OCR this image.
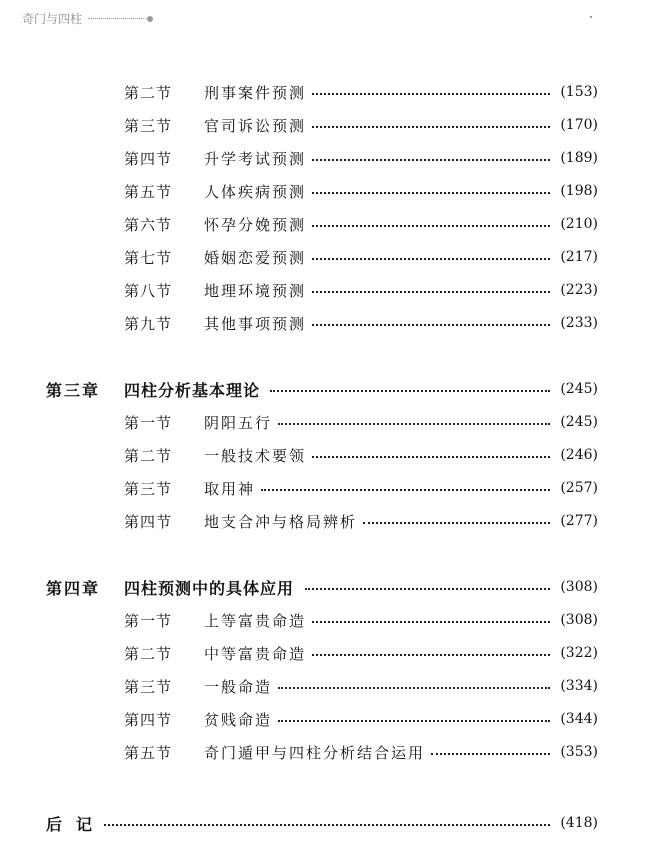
奇门与四柱
第二节 刑事案件预测	(153)
第三节 官司诉讼预测	(170)
第四节 升学考试预测	(189)
第五节 人体疾病预测	(198)
第六节 怀孕分娩预测	(210)
第七节 婚姻恋爱预测	(217)
第八节 地理环境预测	(223)
第九节 其他事项预测	(233)
第三章 四柱分析基本理论	(245)
第一节 阴阳五行	(245)
第二节 一般技术要领	(246)
第三节 取用神	(257)
第四节 地支合冲与格局辨析	(277)
第四章 四柱预测中的具体应用	(308)
第一节 上等富贵命造	(308)
第二节 中等富贵命造	(322)
第三节 一般命造	(334)
第四节 贫贱命造	(344)
第五节 奇门遁甲与四柱分析结合运用	(353)
后记	(418)
